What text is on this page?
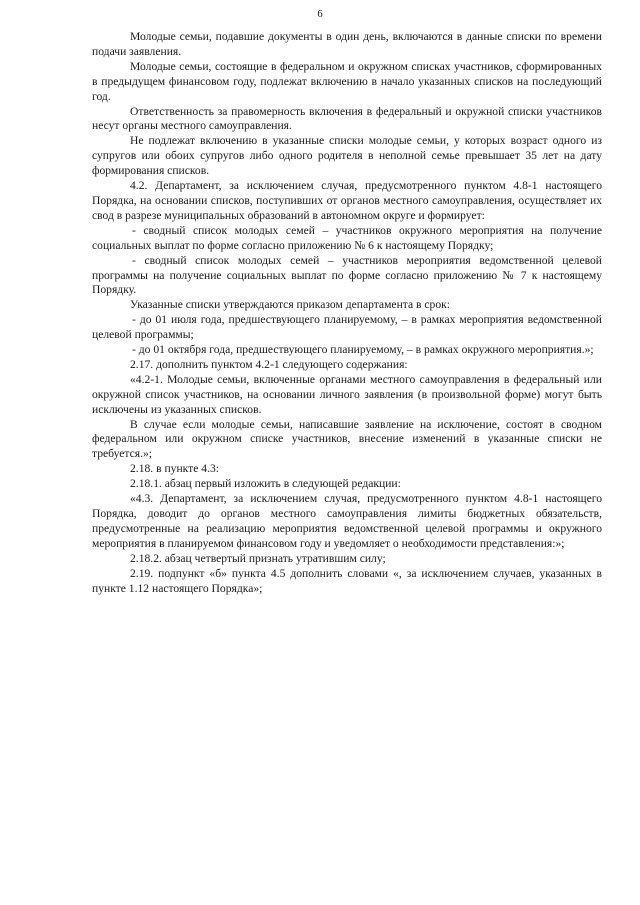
6

Молодые семьи, подавшие документы в один день, включаются в данные списки по времени подачи заявления.

Молодые семьи, состоящие в федеральном и окружном списках участников, сформированных в предыдущем финансовом году, подлежат включению в начало указанных списков на последующий год.

Ответственность за правомерность включения в федеральный и окружной списки участников несут органы местного самоуправления.

Не подлежат включению в указанные списки молодые семьи, у которых возраст одного из супругов или обоих супругов либо одного родителя в неполной семье превышает 35 лет на дату формирования списков.

4.2. Департамент, за исключением случая, предусмотренного пунктом 4.8-1 настоящего Порядка, на основании списков, поступивших от органов местного самоуправления, осуществляет их свод в разрезе муниципальных образований в автономном округе и формирует:

- сводный список молодых семей – участников окружного мероприятия на получение социальных выплат по форме согласно приложению № 6 к настоящему Порядку;

- сводный список молодых семей – участников мероприятия ведомственной целевой программы на получение социальных выплат по форме согласно приложению № 7 к настоящему Порядку.

Указанные списки утверждаются приказом департамента в срок:

- до 01 июля года, предшествующего планируемому, – в рамках мероприятия ведомственной целевой программы;

- до 01 октября года, предшествующего планируемому, – в рамках окружного мероприятия.»;

2.17. дополнить пунктом 4.2-1 следующего содержания:

«4.2-1. Молодые семьи, включенные органами местного самоуправления в федеральный или окружной список участников, на основании личного заявления (в произвольной форме) могут быть исключены из указанных списков.

В случае если молодые семьи, написавшие заявление на исключение, состоят в сводном федеральном или окружном списке участников, внесение изменений в указанные списки не требуется.»;

2.18. в пункте 4.3:

2.18.1. абзац первый изложить в следующей редакции:

«4.3. Департамент, за исключением случая, предусмотренного пунктом 4.8-1 настоящего Порядка, доводит до органов местного самоуправления лимиты бюджетных обязательств, предусмотренные на реализацию мероприятия ведомственной целевой программы и окружного мероприятия в планируемом финансовом году и уведомляет о необходимости представления:»;

2.18.2. абзац четвертый признать утратившим силу;

2.19. подпункт «б» пункта 4.5 дополнить словами «, за исключением случаев, указанных в пункте 1.12 настоящего Порядка»;
